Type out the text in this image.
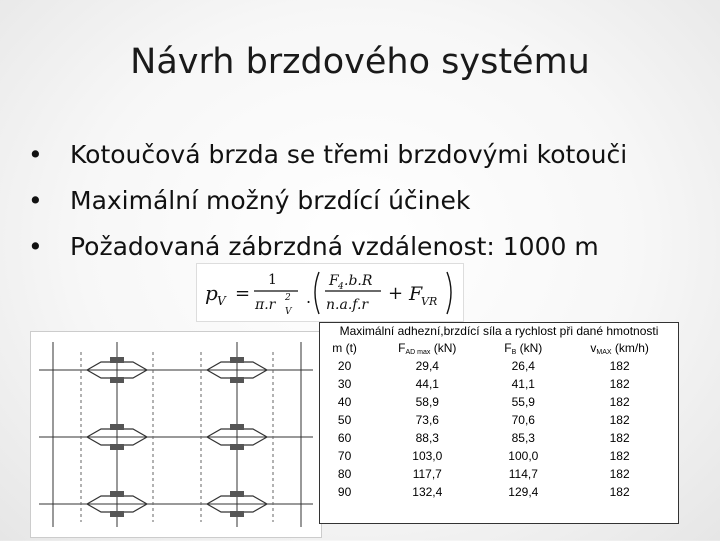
Návrh brzdového systému
• Kotoučová brzda se třemi brzdovými kotouči
• Maximální možný brzdící účinek
• Požadovaná zábrzdná vzdálenost: 1000 m
p V =
1
π.r 2
V
.
F 4 .b.R
n.a.f.r
+ F
VR
Maximální adhezní,brzdící síla a rychlost při dané hmotnosti
m (t)	$F_{AD max}$ (kN)	$F_B$ (kN)	$v_{MAX}$ (km/h)
20	29,4	26,4	182
30	44,1	41,1	182
40	58,9	55,9	182
50	73,6	70,6	182
60	88,3	85,3	182
70	103,0	100,0	182
80	117,7	114,7	182
90	132,4	129,4	182
